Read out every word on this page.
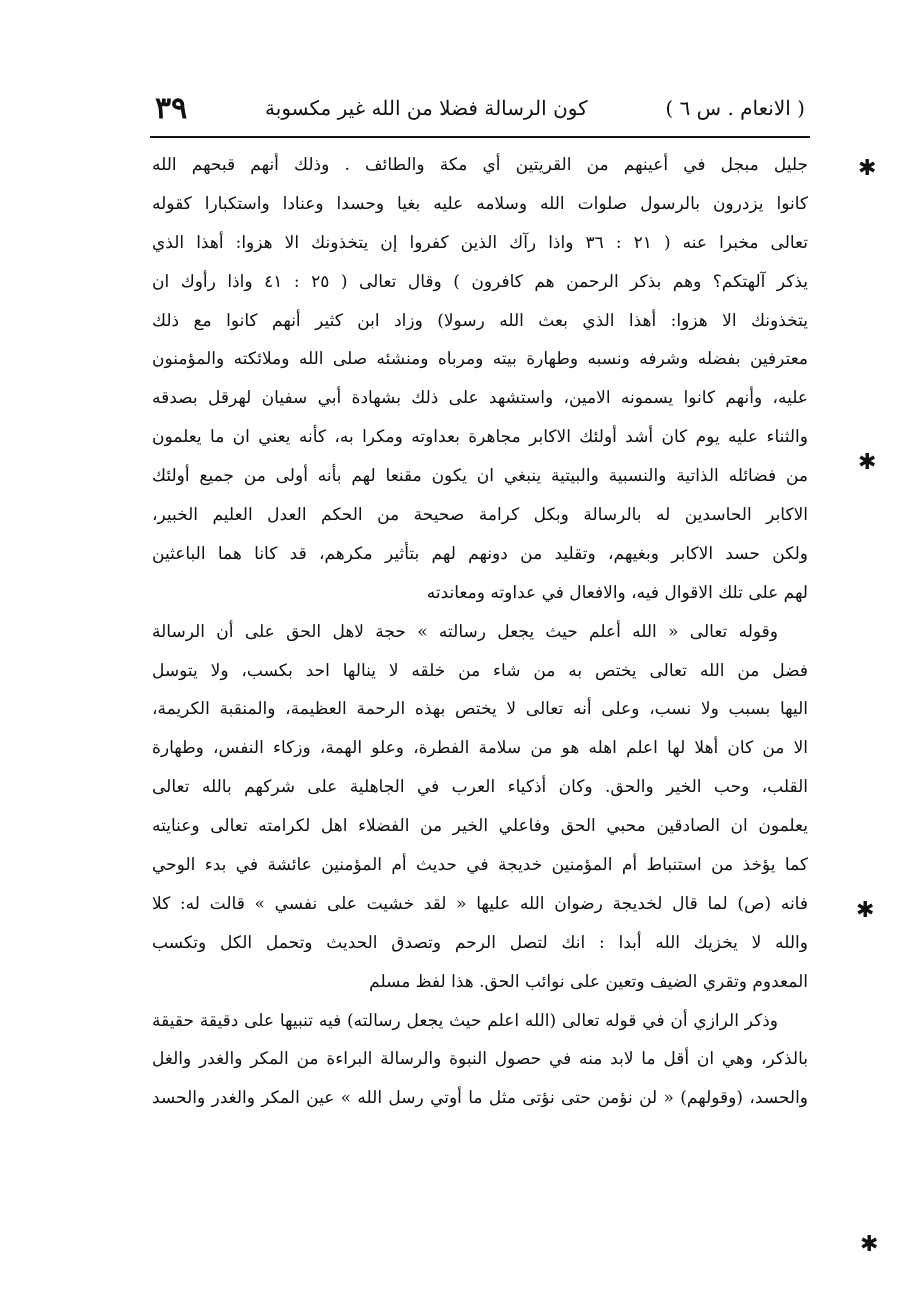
( الانعام . س ٦ )
كون الرسالة فضلا من الله غير مكسوبة
٣٩
✱
✱
✱
✱
جليل مبجل في أعينهم من القريتين أي مكة والطائف . وذلك أنهم قبحهم الله
كانوا يزدرون بالرسول صلوات الله وسلامه عليه بغيا وحسدا وعنادا واستكبارا كقوله
تعالى مخبرا عنه ( ٢١ : ٣٦ واذا رآك الذين كفروا إن يتخذونك الا هزوا: أهذا الذي
يذكر آلهتكم؟ وهم بذكر الرحمن هم كافرون ) وقال تعالى ( ٢٥ : ٤١ واذا رأوك ان
يتخذونك الا هزوا: أهذا الذي بعث الله رسولا) وزاد ابن كثير أنهم كانوا مع ذلك
معترفين بفضله وشرفه ونسبه وطهارة بيته ومرباه ومنشئه صلى الله وملائكته والمؤمنون
عليه، وأنهم كانوا يسمونه الامين، واستشهد على ذلك بشهادة أبي سفيان لهرقل بصدقه
والثناء عليه يوم كان أشد أولئك الاكابر مجاهرة بعداوته ومكرا به، كأنه يعني ان ما يعلمون
من فضائله الذاتية والنسبية والبيتية ينبغي ان يكون مقنعا لهم بأنه أولى من جميع أولئك
الاكابر الحاسدين له بالرسالة وبكل كرامة صحيحة من الحكم العدل العليم الخبير،
ولكن حسد الاكابر وبغيهم، وتقليد من دونهم لهم بتأثير مكرهم، قد كانا هما الباعثين
لهم على تلك الاقوال فيه، والافعال في عداوته ومعاندته
وقوله تعالى « الله أعلم حيث يجعل رسالته » حجة لاهل الحق على أن الرسالة
فضل من الله تعالى يختص به من شاء من خلقه لا ينالها احد بكسب، ولا يتوسل
اليها بسبب ولا نسب، وعلى أنه تعالى لا يختص بهذه الرحمة العظيمة، والمنقبة الكريمة،
الا من كان أهلا لها اعلم اهله هو من سلامة الفطرة، وعلو الهمة، وزكاء النفس، وطهارة
القلب، وحب الخير والحق. وكان أذكياء العرب في الجاهلية على شركهم بالله تعالى
يعلمون ان الصادقين محبي الحق وفاعلي الخير من الفضلاء اهل لكرامته تعالى وعنايته
كما يؤخذ من استنباط أم المؤمنين خديجة في حديث أم المؤمنين عائشة في بدء الوحي
فانه (ص) لما قال لخديجة رضوان الله عليها « لقد خشيت على نفسي » قالت له: كلا
والله لا يخزيك الله أبدا : انك لتصل الرحم وتصدق الحديث وتحمل الكل وتكسب
المعدوم وتقري الضيف وتعين على نوائب الحق. هذا لفظ مسلم
وذكر الرازي أن في قوله تعالى (الله اعلم حيث يجعل رسالته) فيه تنبيها على دقيقة حقيقة
بالذكر، وهي ان أقل ما لابد منه في حصول النبوة والرسالة البراءة من المكر والغدر والغل
والحسد، (وقولهم) « لن نؤمن حتى نؤتى مثل ما أوتي رسل الله » عين المكر والغدر والحسد
